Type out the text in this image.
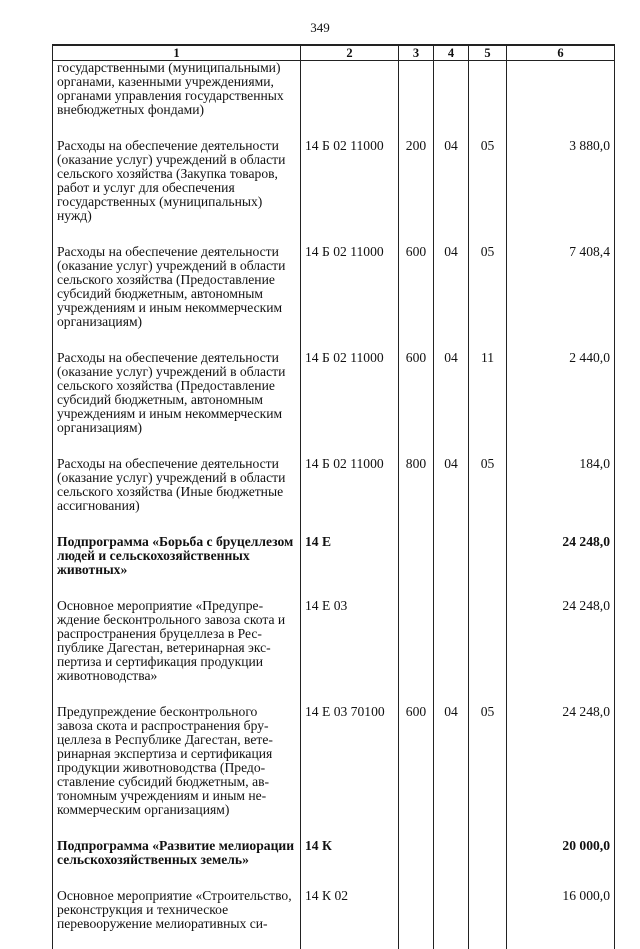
349
1	2	3	4	5	6
государственными (муниципальными) органами, казенными учреждениями, органами управления государственных внебюджетных фондами)					

Расходы на обеспечение деятельности (оказание услуг) учреждений в области сельского хозяйства (Закупка товаров, работ и услуг для обеспечения государственных (муниципальных) нужд)	14 Б 02 11000	200	04	05	3 880,0

Расходы на обеспечение деятельности (оказание услуг) учреждений в области сельского хозяйства (Предоставление субсидий бюджетным, автономным учреждениям и иным некоммерческим организациям)	14 Б 02 11000	600	04	05	7 408,4

Расходы на обеспечение деятельности (оказание услуг) учреждений в области сельского хозяйства (Предоставление субсидий бюджетным, автономным учреждениям и иным некоммерческим организациям)	14 Б 02 11000	600	04	11	2 440,0

Расходы на обеспечение деятельности (оказание услуг) учреждений в области сельского хозяйства (Иные бюджетные ассигнования)	14 Б 02 11000	800	04	05	184,0

Подпрограмма «Борьба с бруцеллезом людей и сельскохозяйственных животных»	14 Е				24 248,0

Основное мероприятие «Предупреждение бесконтрольного завоза скота и распространения бруцеллеза в Республике Дагестан, ветеринарная экспертиза и сертификация продукции животноводства»	14 Е 03				24 248,0

Предупреждение бесконтрольного завоза скота и распространения бруцеллеза в Республике Дагестан, ветеринарная экспертиза и сертификация продукции животноводства (Предоставление субсидий бюджетным, автономным учреждениям и иным некоммерческим организациям)	14 Е 03 70100	600	04	05	24 248,0

Подпрограмма «Развитие мелиорации сельскохозяйственных земель»	14 К				20 000,0

Основное мероприятие «Строительство, реконструкция и техническое перевооружение мелиоративных си-	14 К 02				16 000,0
